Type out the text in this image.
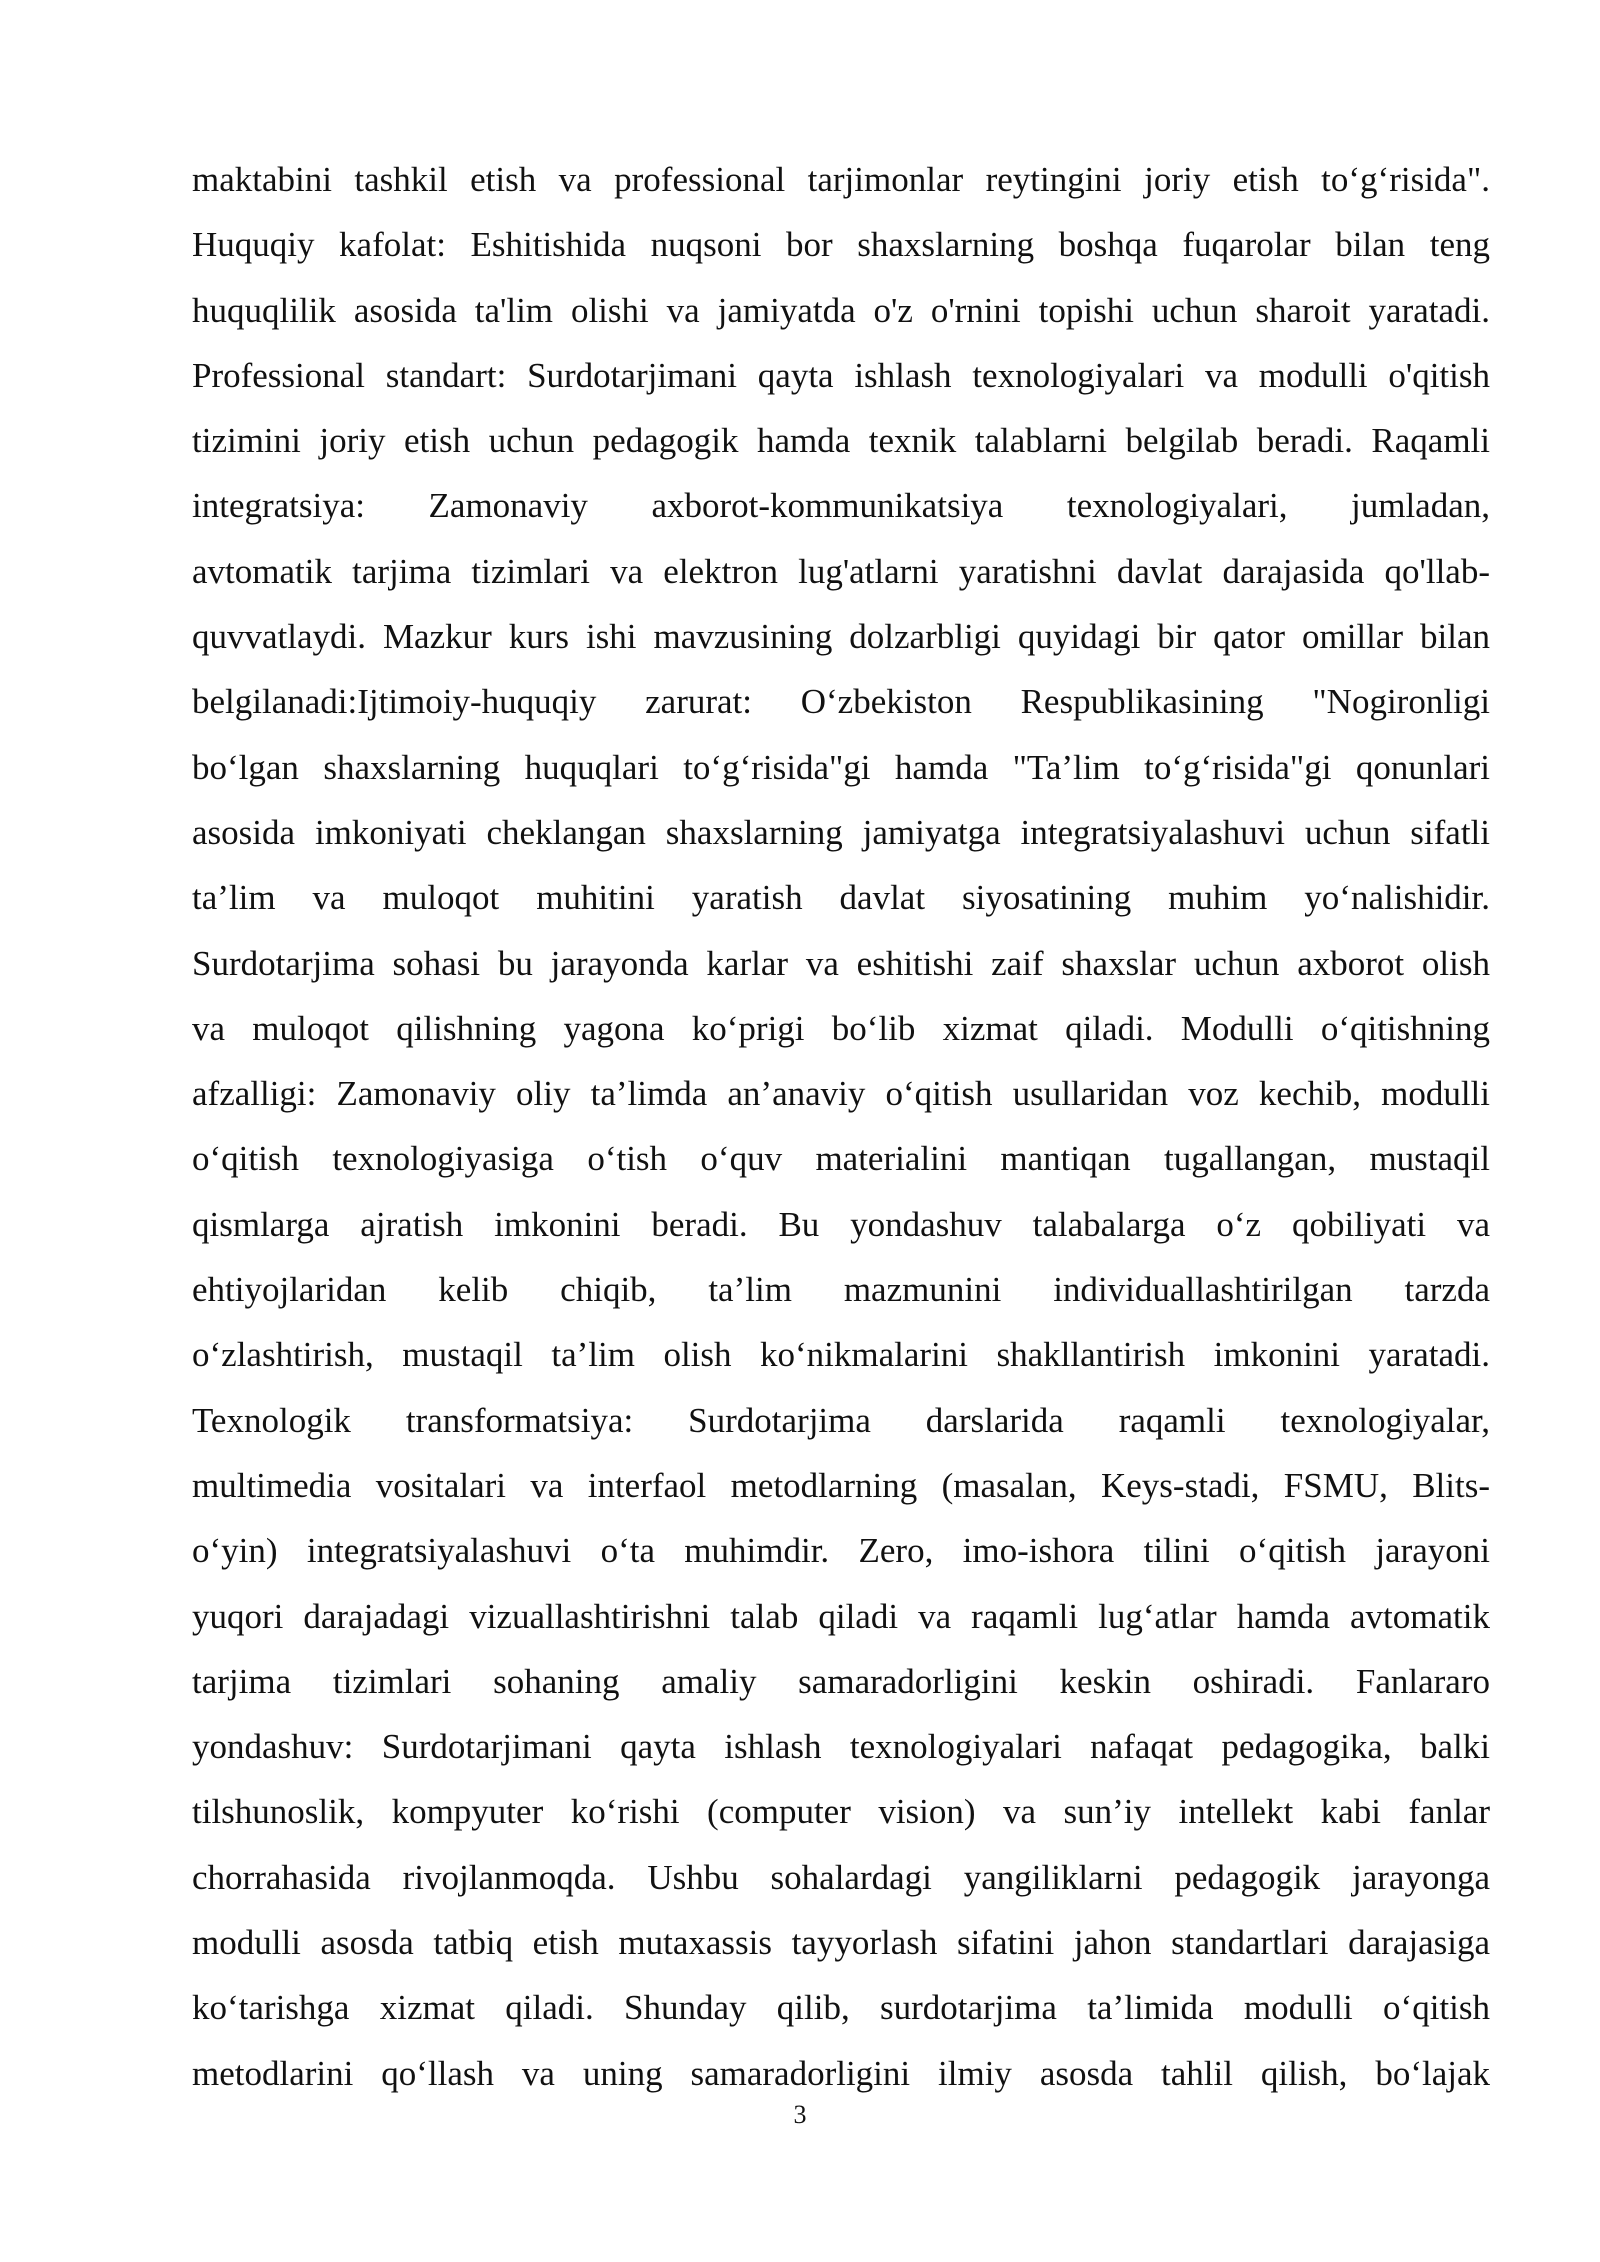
maktabini tashkil etish va professional tarjimonlar reytingini joriy etish to‘g‘risida".
Huquqiy kafolat: Eshitishida nuqsoni bor shaxslarning boshqa fuqarolar bilan teng
huquqlilik asosida ta'lim olishi va jamiyatda o'z o'rnini topishi uchun sharoit yaratadi.
Professional standart: Surdotarjimani qayta ishlash texnologiyalari va modulli o'qitish
tizimini joriy etish uchun pedagogik hamda texnik talablarni belgilab beradi. Raqamli
integratsiya: Zamonaviy axborot-kommunikatsiya texnologiyalari, jumladan,
avtomatik tarjima tizimlari va elektron lug'atlarni yaratishni davlat darajasida qo'llab-
quvvatlaydi. Mazkur kurs ishi mavzusining dolzarbligi quyidagi bir qator omillar bilan
belgilanadi:Ijtimoiy-huquqiy zarurat: O‘zbekiston Respublikasining "Nogironligi
bo‘lgan shaxslarning huquqlari to‘g‘risida"gi hamda "Ta’lim to‘g‘risida"gi qonunlari
asosida imkoniyati cheklangan shaxslarning jamiyatga integratsiyalashuvi uchun sifatli
ta’lim va muloqot muhitini yaratish davlat siyosatining muhim yo‘nalishidir.
Surdotarjima sohasi bu jarayonda karlar va eshitishi zaif shaxslar uchun axborot olish
va muloqot qilishning yagona ko‘prigi bo‘lib xizmat qiladi. Modulli o‘qitishning
afzalligi: Zamonaviy oliy ta’limda an’anaviy o‘qitish usullaridan voz kechib, modulli
o‘qitish texnologiyasiga o‘tish o‘quv materialini mantiqan tugallangan, mustaqil
qismlarga ajratish imkonini beradi. Bu yondashuv talabalarga o‘z qobiliyati va
ehtiyojlaridan kelib chiqib, ta’lim mazmunini individuallashtirilgan tarzda
o‘zlashtirish, mustaqil ta’lim olish ko‘nikmalarini shakllantirish imkonini yaratadi.
Texnologik transformatsiya: Surdotarjima darslarida raqamli texnologiyalar,
multimedia vositalari va interfaol metodlarning (masalan, Keys-stadi, FSMU, Blits-
o‘yin) integratsiyalashuvi o‘ta muhimdir. Zero, imo-ishora tilini o‘qitish jarayoni
yuqori darajadagi vizuallashtirishni talab qiladi va raqamli lug‘atlar hamda avtomatik
tarjima tizimlari sohaning amaliy samaradorligini keskin oshiradi. Fanlararo
yondashuv: Surdotarjimani qayta ishlash texnologiyalari nafaqat pedagogika, balki
tilshunoslik, kompyuter ko‘rishi (computer vision) va sun’iy intellekt kabi fanlar
chorrahasida rivojlanmoqda. Ushbu sohalardagi yangiliklarni pedagogik jarayonga
modulli asosda tatbiq etish mutaxassis tayyorlash sifatini jahon standartlari darajasiga
ko‘tarishga xizmat qiladi. Shunday qilib, surdotarjima ta’limida modulli o‘qitish
metodlarini qo‘llash va uning samaradorligini ilmiy asosda tahlil qilish, bo‘lajak
3
